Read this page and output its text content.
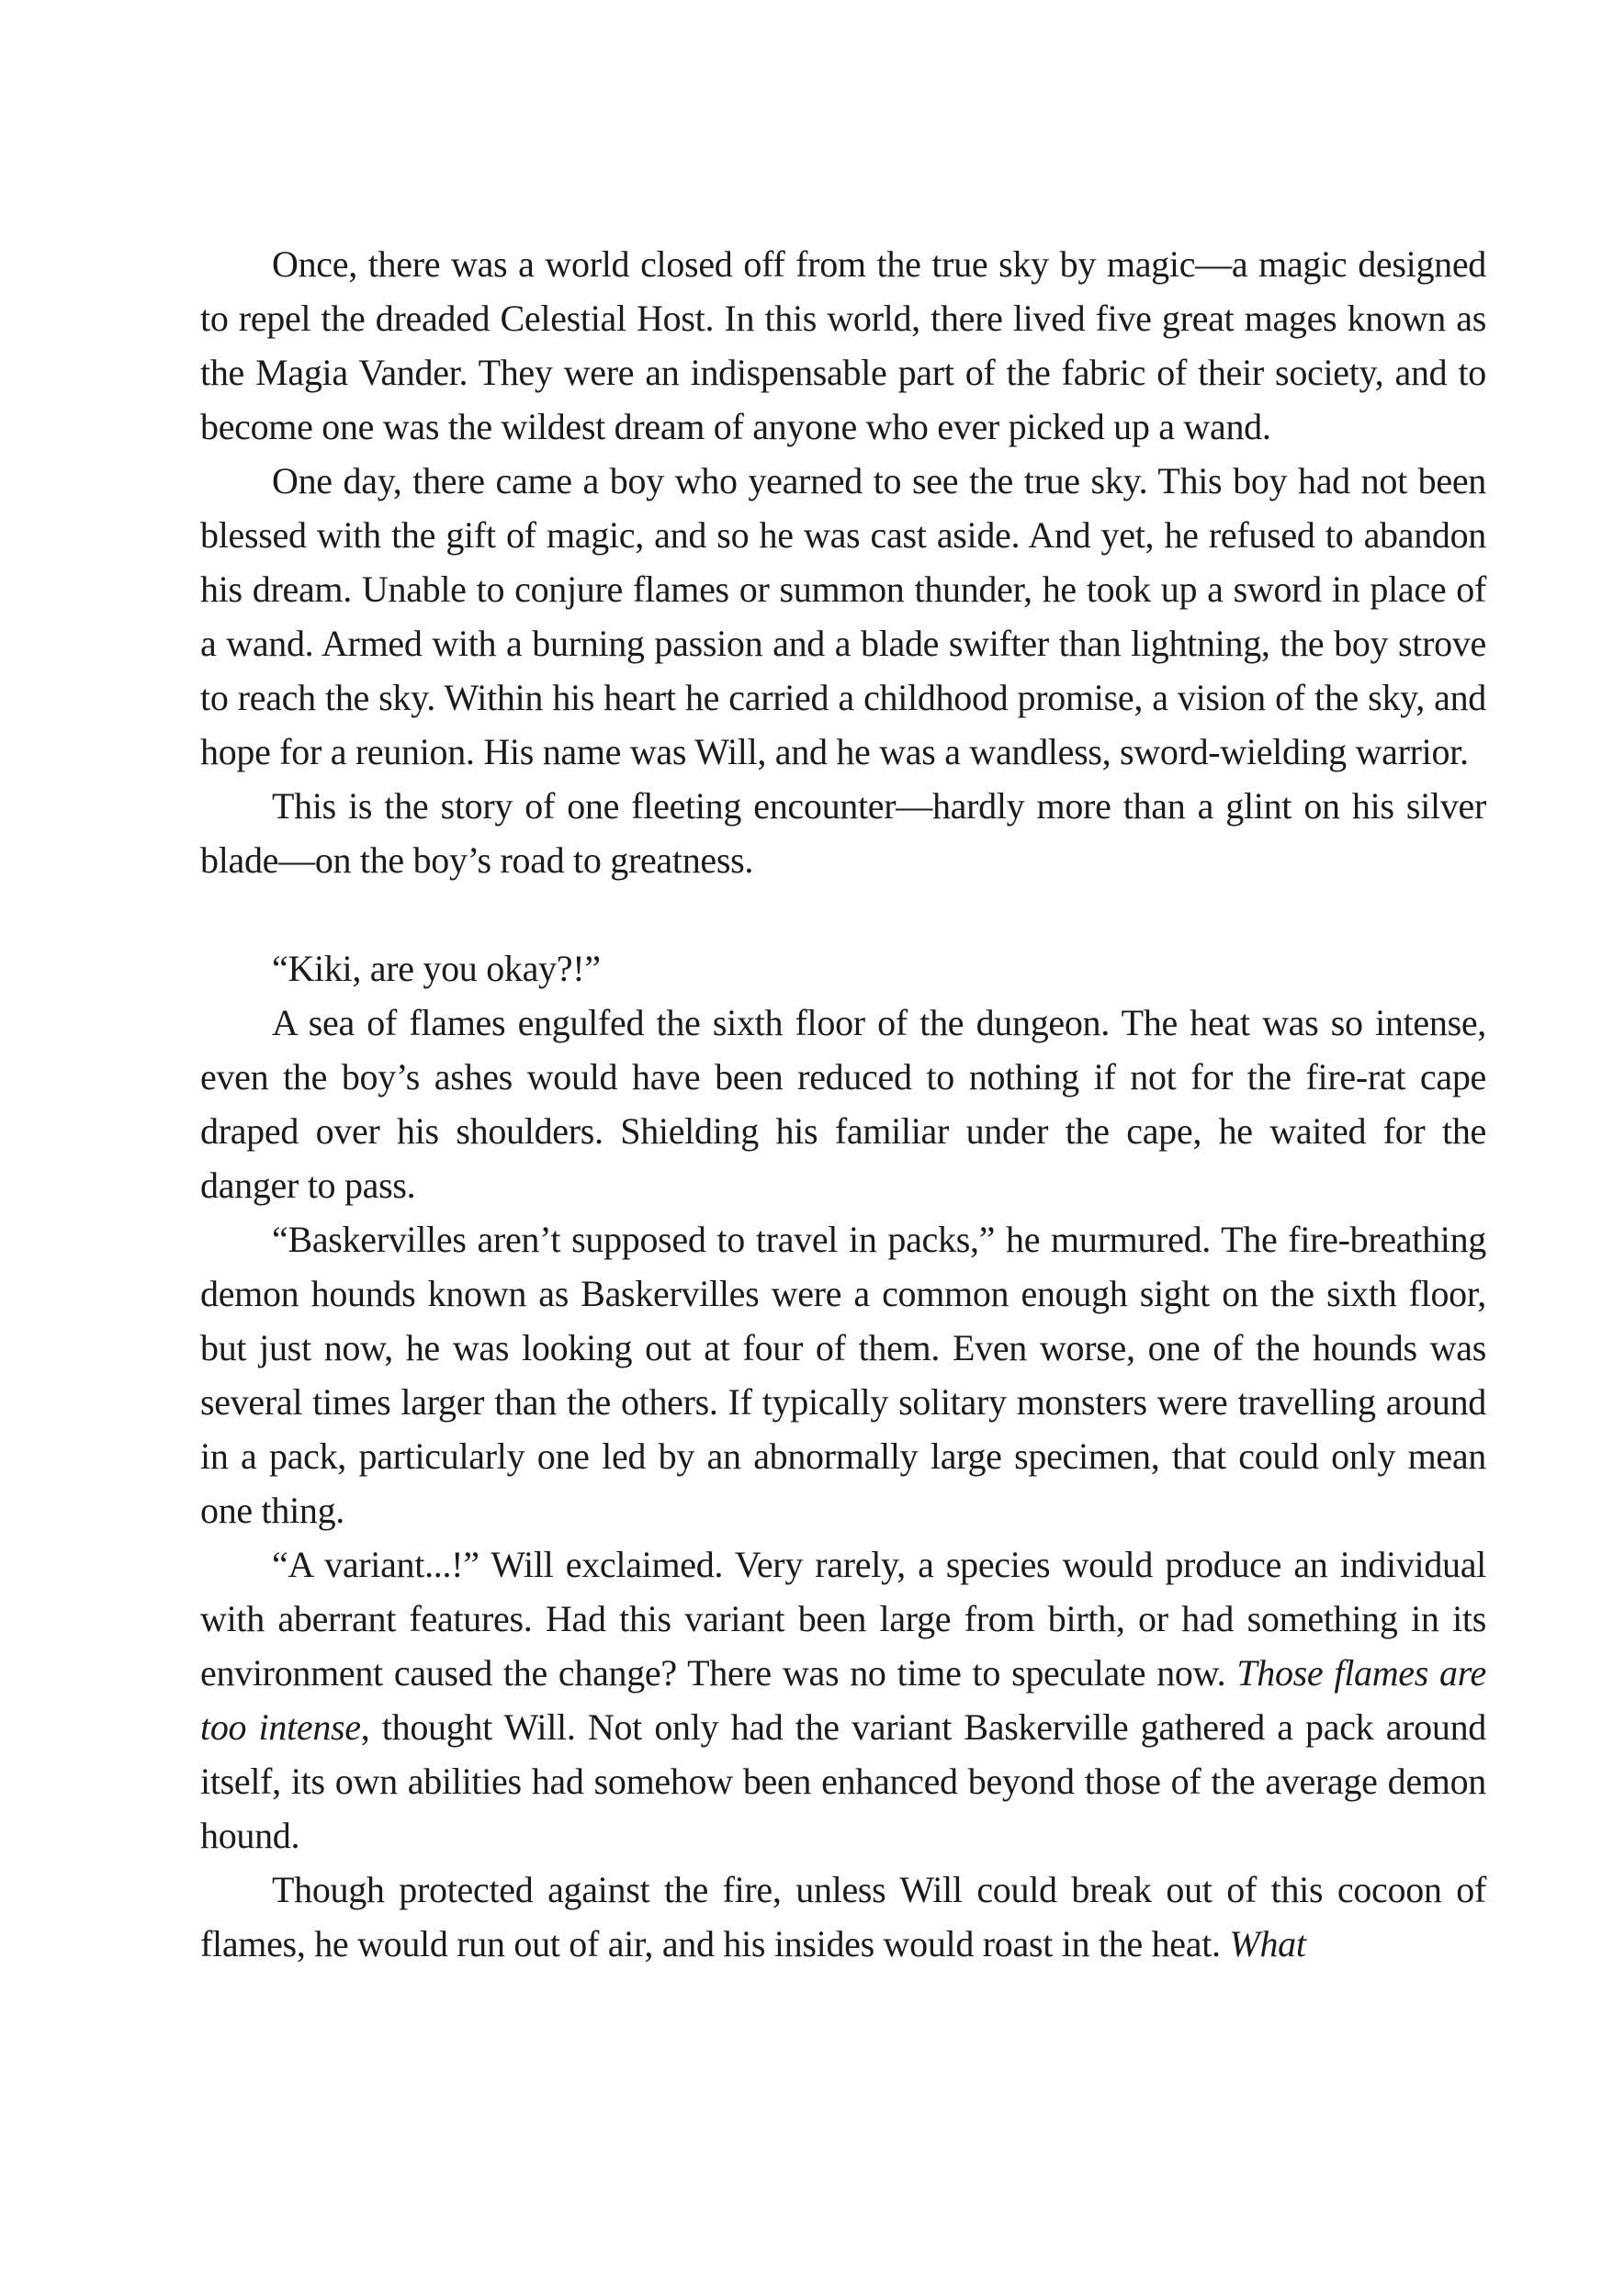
Once, there was a world closed off from the true sky by magic—a magic designed to repel the dreaded Celestial Host. In this world, there lived five great mages known as the Magia Vander. They were an indispensable part of the fabric of their society, and to become one was the wildest dream of anyone who ever picked up a wand.

One day, there came a boy who yearned to see the true sky. This boy had not been blessed with the gift of magic, and so he was cast aside. And yet, he refused to abandon his dream. Unable to conjure flames or summon thunder, he took up a sword in place of a wand. Armed with a burning passion and a blade swifter than lightning, the boy strove to reach the sky. Within his heart he carried a childhood promise, a vision of the sky, and hope for a reunion. His name was Will, and he was a wandless, sword-wielding warrior.

This is the story of one fleeting encounter—hardly more than a glint on his silver blade—on the boy’s road to greatness.

“Kiki, are you okay?!”

A sea of flames engulfed the sixth floor of the dungeon. The heat was so intense, even the boy’s ashes would have been reduced to nothing if not for the fire-rat cape draped over his shoulders. Shielding his familiar under the cape, he waited for the danger to pass.

“Baskervilles aren’t supposed to travel in packs,” he murmured. The fire-breathing demon hounds known as Baskervilles were a common enough sight on the sixth floor, but just now, he was looking out at four of them. Even worse, one of the hounds was several times larger than the others. If typically solitary monsters were travelling around in a pack, particularly one led by an abnormally large specimen, that could only mean one thing.

“A variant...!” Will exclaimed. Very rarely, a species would produce an individual with aberrant features. Had this variant been large from birth, or had something in its environment caused the change? There was no time to speculate now. Those flames are too intense, thought Will. Not only had the variant Baskerville gathered a pack around itself, its own abilities had somehow been enhanced beyond those of the average demon hound.

Though protected against the fire, unless Will could break out of this cocoon of flames, he would run out of air, and his insides would roast in the heat. What
